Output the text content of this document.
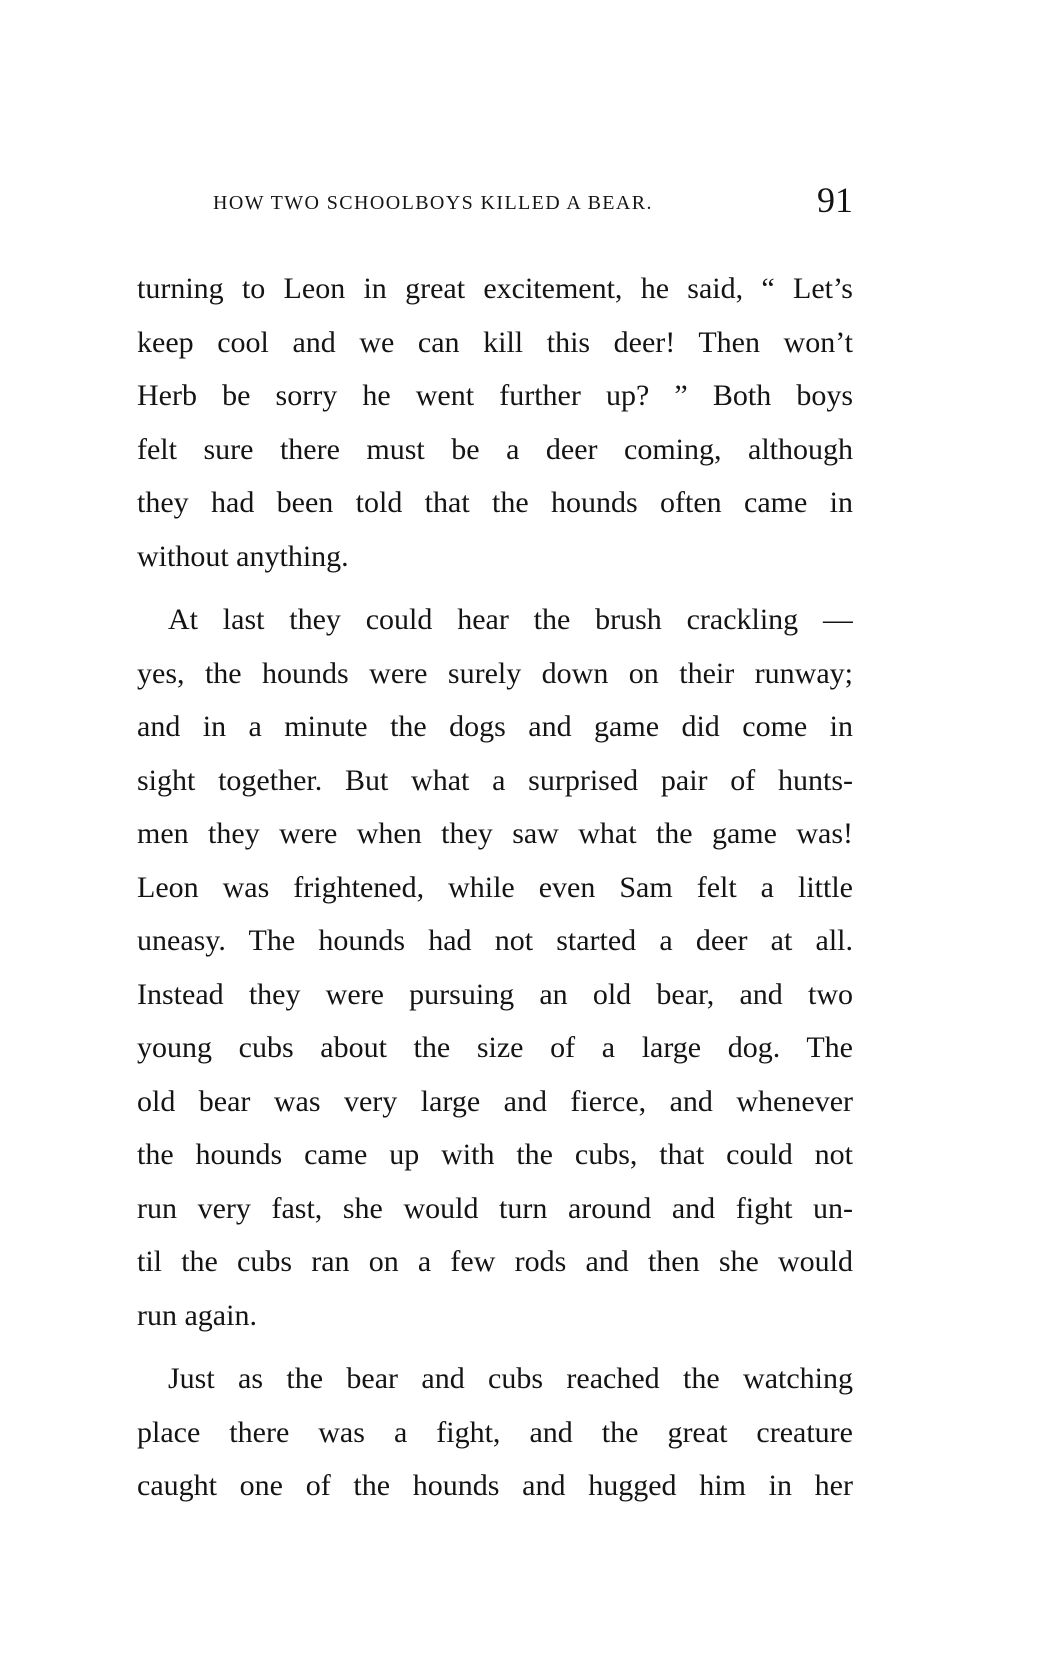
HOW TWO SCHOOLBOYS KILLED A BEAR.	91
turning to Leon in great excitement, he said, “ Let’s
keep cool and we can kill this deer! Then won’t
Herb be sorry he went further up? ” Both boys
felt sure there must be a deer coming, although
they had been told that the hounds often came in
without anything.
At last they could hear the brush crackling —
yes, the hounds were surely down on their runway;
and in a minute the dogs and game did come in
sight together. But what a surprised pair of hunts-
men they were when they saw what the game was!
Leon was frightened, while even Sam felt a little
uneasy. The hounds had not started a deer at all.
Instead they were pursuing an old bear, and two
young cubs about the size of a large dog. The
old bear was very large and fierce, and whenever
the hounds came up with the cubs, that could not
run very fast, she would turn around and fight un-
til the cubs ran on a few rods and then she would
run again.
Just as the bear and cubs reached the watching
place there was a fight, and the great creature
caught one of the hounds and hugged him in her
